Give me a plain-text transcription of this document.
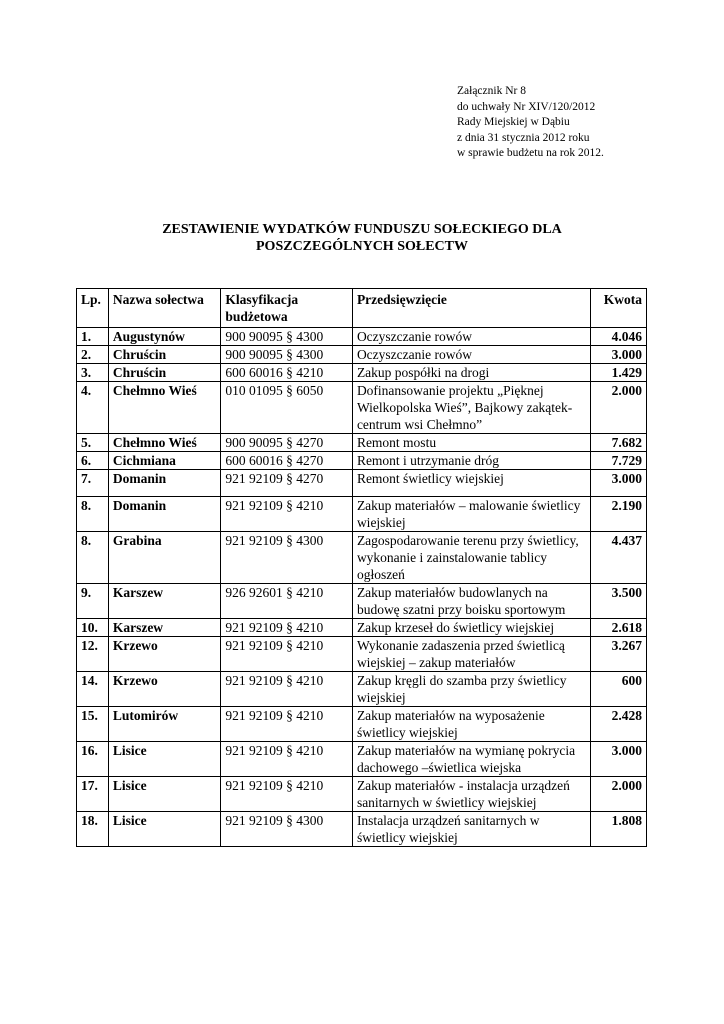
Załącznik Nr 8
do uchwały Nr XIV/120/2012
Rady Miejskiej w Dąbiu
z dnia 31 stycznia 2012 roku
w sprawie budżetu na rok 2012.
ZESTAWIENIE WYDATKÓW FUNDUSZU SOŁECKIEGO DLA
POSZCZEGÓLNYCH SOŁECTW
Lp.	Nazwa sołectwa	Klasyfikacja budżetowa	Przedsięwzięcie	Kwota
1.	Augustynów	900 90095 § 4300	Oczyszczanie rowów	4.046
2.	Chruścin	900 90095 § 4300	Oczyszczanie rowów	3.000
3.	Chruścin	600 60016 § 4210	Zakup pospółki na drogi	1.429
4.	Chełmno Wieś	010 01095 § 6050	Dofinansowanie projektu „Pięknej Wielkopolska Wieś”, Bajkowy zakątek-centrum wsi Chełmno”	2.000
5.	Chełmno Wieś	900 90095 § 4270	Remont mostu	7.682
6.	Cichmiana	600 60016 § 4270	Remont i utrzymanie dróg	7.729
7.	Domanin	921 92109 § 4270	Remont świetlicy wiejskiej	3.000
8.	Domanin	921 92109 § 4210	Zakup materiałów – malowanie świetlicy wiejskiej	2.190
8.	Grabina	921 92109 § 4300	Zagospodarowanie terenu przy świetlicy, wykonanie i zainstalowanie tablicy ogłoszeń	4.437
9.	Karszew	926 92601 § 4210	Zakup materiałów budowlanych na budowę szatni przy boisku sportowym	3.500
10.	Karszew	921 92109 § 4210	Zakup krzeseł do świetlicy wiejskiej	2.618
12.	Krzewo	921 92109 § 4210	Wykonanie zadaszenia przed świetlicą wiejskiej – zakup materiałów	3.267
14.	Krzewo	921 92109 § 4210	Zakup kręgli do szamba przy świetlicy wiejskiej	600
15.	Lutomirów	921 92109 § 4210	Zakup materiałów na wyposażenie świetlicy wiejskiej	2.428
16.	Lisice	921 92109 § 4210	Zakup materiałów na wymianę pokrycia dachowego –świetlica wiejska	3.000
17.	Lisice	921 92109 § 4210	Zakup materiałów - instalacja urządzeń sanitarnych w świetlicy wiejskiej	2.000
18.	Lisice	921 92109 § 4300	Instalacja urządzeń sanitarnych w świetlicy wiejskiej	1.808
